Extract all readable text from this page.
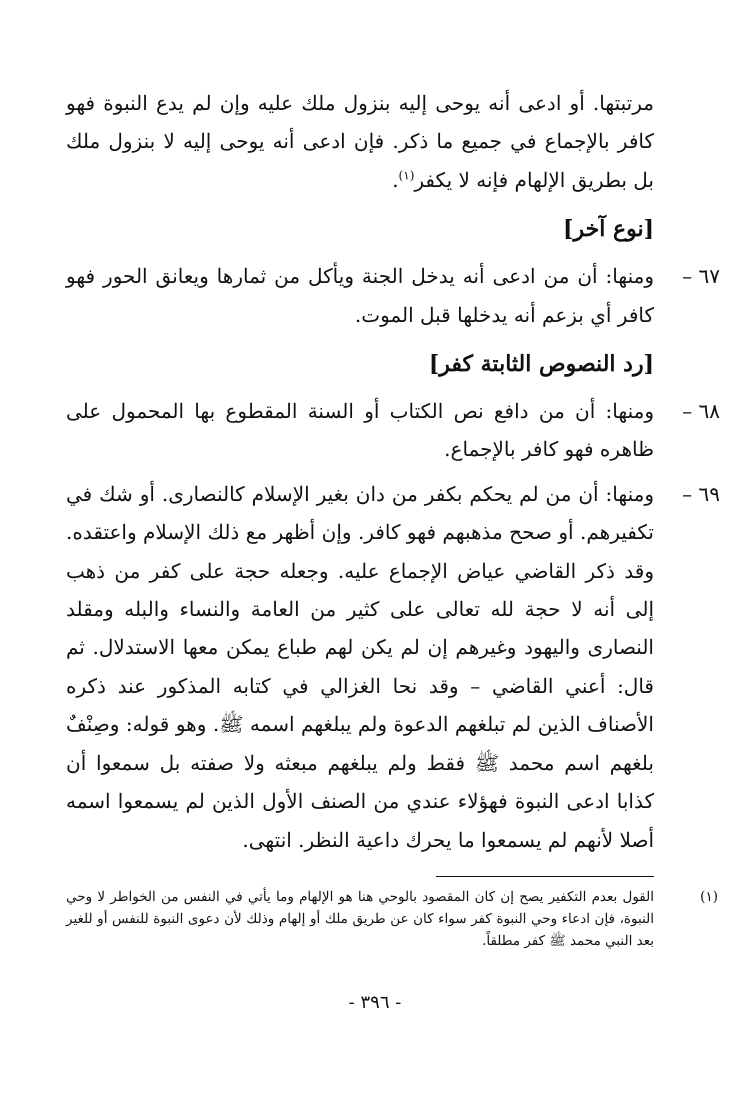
مرتبتها. أو ادعى أنه يوحى إليه بنزول ملك عليه وإن لم يدع النبوة فهو كافر بالإجماع في جميع ما ذكر. فإن ادعى أنه يوحى إليه لا بنزول ملك بل بطريق الإلهام فإنه لا يكفر$^{(١)}$.

[نوع آخر]

٦٧ –
ومنها: أن من ادعى أنه يدخل الجنة ويأكل من ثمارها ويعانق الحور فهو كافر أي بزعم أنه يدخلها قبل الموت.

[رد النصوص الثابتة كفر]

٦٨ –
ومنها: أن من دافع نص الكتاب أو السنة المقطوع بها المحمول على ظاهره فهو كافر بالإجماع.

٦٩ –
ومنها: أن من لم يحكم بكفر من دان بغير الإسلام كالنصارى. أو شك في تكفيرهم. أو صحح مذهبهم فهو كافر. وإن أظهر مع ذلك الإسلام واعتقده. وقد ذكر القاضي عياض الإجماع عليه. وجعله حجة على كفر من ذهب إلى أنه لا حجة لله تعالى على كثير من العامة والنساء والبله ومقلد النصارى واليهود وغيرهم إن لم يكن لهم طباع يمكن معها الاستدلال. ثم قال: أعني القاضي – وقد نحا الغزالي في كتابه المذكور عند ذكره الأصناف الذين لم تبلغهم الدعوة ولم يبلغهم اسمه ﷺ. وهو قوله: وصِنْفٌ بلغهم اسم محمد ﷺ فقط ولم يبلغهم مبعثه ولا صفته بل سمعوا أن كذابا ادعى النبوة فهؤلاء عندي من الصنف الأول الذين لم يسمعوا اسمه أصلا لأنهم لم يسمعوا ما يحرك داعية النظر. انتهى.

(١)
القول بعدم التكفير يصح إن كان المقصود بالوحي هنا هو الإلهام وما يأتي في النفس من الخواطر لا وحي النبوة، فإن ادعاء وحي النبوة كفر سواء كان عن طريق ملك أو إلهام وذلك لأن دعوى النبوة للنفس أو للغير بعد النبي محمد ﷺ كفر مطلقاً.
- ٣٩٦ -
